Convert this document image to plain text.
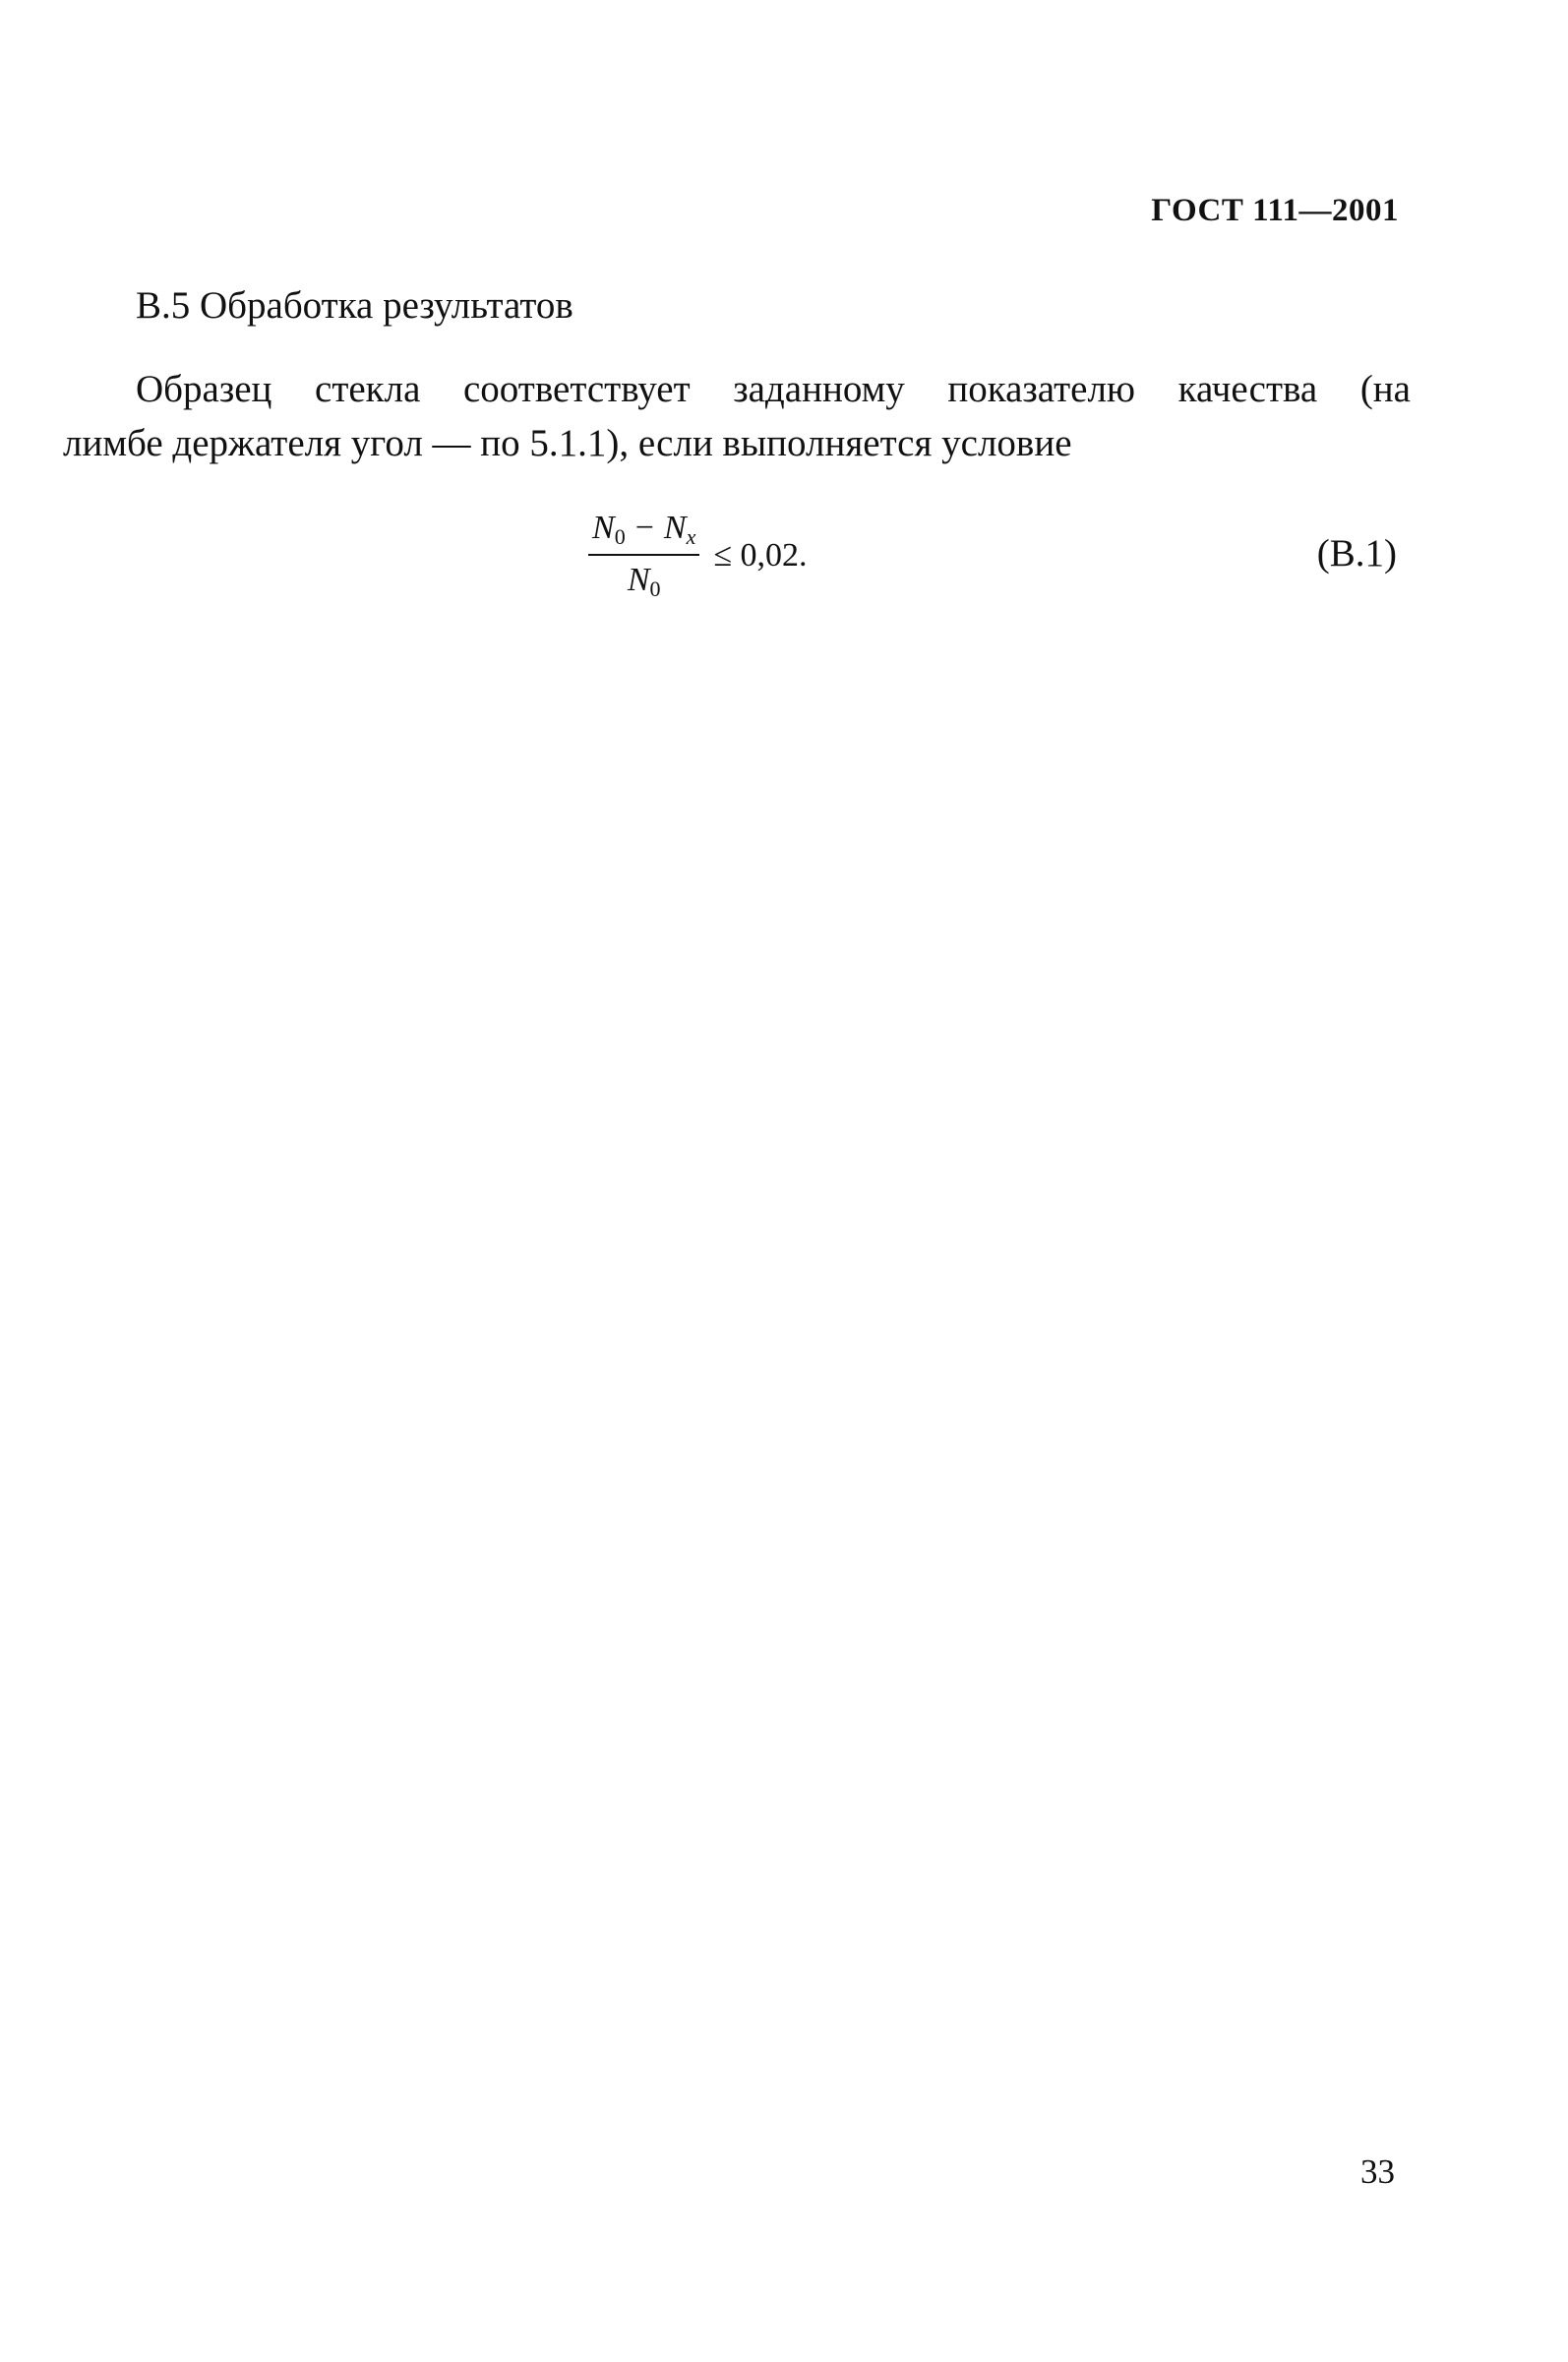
ГОСТ 111—2001
В.5 Обработка результатов
Образец стекла соответствует заданному показателю качества (на
лимбе держателя угол — по 5.1.1), если выполняется условие
$\frac{N_0 - Nx}{N_0} \le 0,02$.	(В.1)
33
